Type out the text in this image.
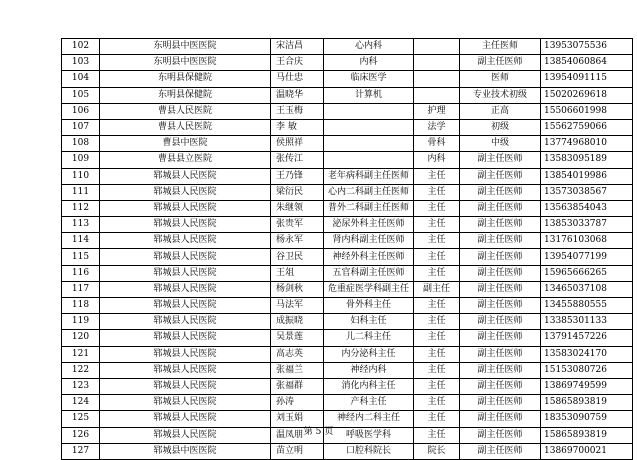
102	东明县中医医院	宋洁昌	心内科		主任医师	13953075536
103	东明县中医医院	王合庆	内科		副主任医师	13854060864
104	东明县保健院	马仕忠	临床医学		医师	13954091115
105	东明县保健院	温晓华	计算机		专业技术初级	15020269618
106	曹县人民医院	王玉梅		护理	正高	15506601998
107	曹县人民医院	李 敏		法学	初级	15562759066
108	曹县中医院	侯照祥		骨科	中级	13774968010
109	曹县县立医院	张传江		内科	副主任医师	13583095189
110	郓城县人民医院	王乃锋	老年病科副主任医师	主任	副主任医师	13854019986
111	郓城县人民医院	梁衍民	心内二科副主任医师	主任	副主任医师	13573038567
112	郓城县人民医院	朱继领	普外二科副主任医师	主任	副主任医师	13563854043
113	郓城县人民医院	张贵军	泌尿外科主任医师	主任	副主任医师	13853033787
114	郓城县人民医院	杨永军	肾内科副主任医师	主任	副主任医师	13176103068
115	郓城县人民医院	谷卫民	神经外科主任医师	主任	副主任医师	13954077199
116	郓城县人民医院	王俎	五官科副主任医师	主任	副主任医师	15965666265
117	郓城县人民医院	杨剑秋	危重症医学科副主任	副主任	副主任医师	13465037108
118	郓城县人民医院	马法军	骨外科主任	主任	副主任医师	13455880555
119	郓城县人民医院	成振晓	妇科主任	主任	副主任医师	13385301133
120	郓城县人民医院	吴景莲	儿二科主任	主任	副主任医师	13791457226
121	郓城县人民医院	高志英	内分泌科主任	主任	副主任医师	13583024170
122	郓城县人民医院	张福兰	神经内科	主任	副主任医师	15153080726
123	郓城县人民医院	张福群	消化内科主任	主任	副主任医师	13869749599
124	郓城县人民医院	孙涛	产科主任	主任	副主任医师	15865893819
125	郓城县人民医院	刘玉娟	神经内二科主任	主任	副主任医师	18353090759
126	郓城县人民医院	温凤朋	呼吸医学科	主任	副主任医师	15865893819
127	郓城县中医医院	苗立明	口腔科院长	院长	副主任医师	13869700021
第 5 页
